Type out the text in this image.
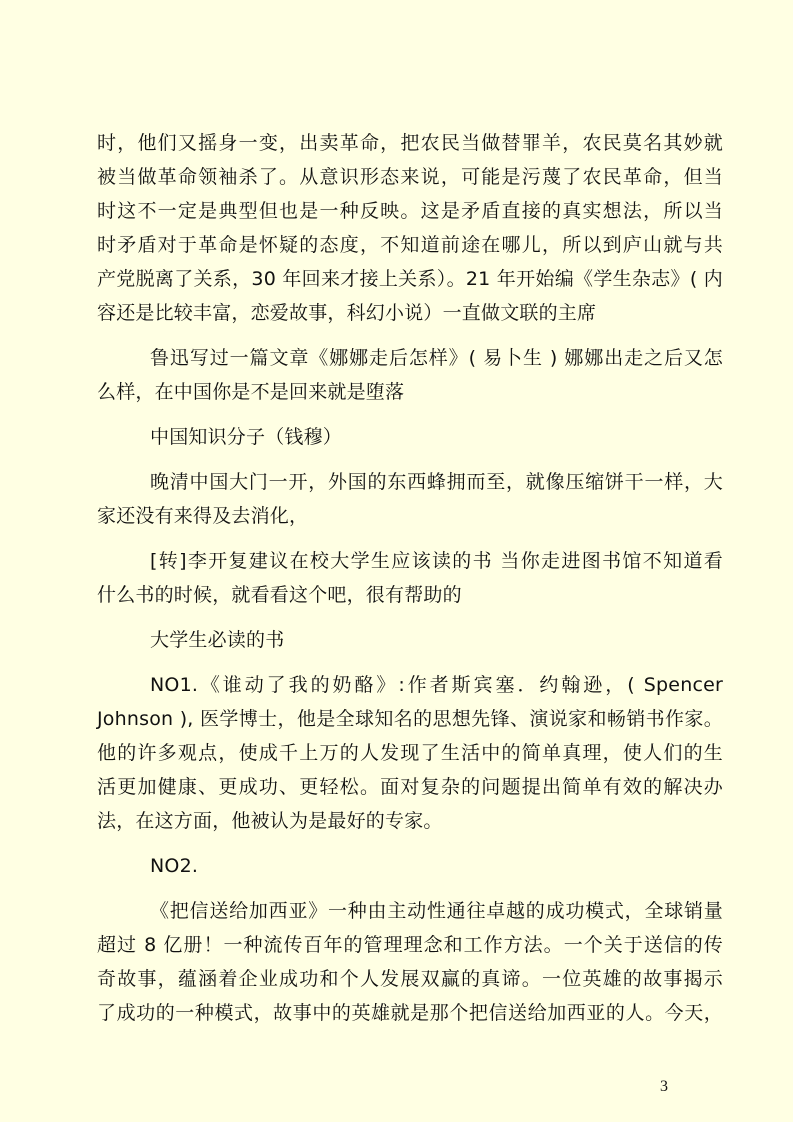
时，他们又摇身一变，出卖革命，把农民当做替罪羊，农民莫名其妙就
被当做革命领袖杀了。从意识形态来说，可能是污蔑了农民革命，但当
时这不一定是典型但也是一种反映。这是矛盾直接的真实想法，所以当
时矛盾对于革命是怀疑的态度，不知道前途在哪儿，所以到庐山就与共
产党脱离了关系，30 年回来才接上关系）。21 年开始编《学生杂志》( 内
容还是比较丰富，恋爱故事，科幻小说）一直做文联的主席
鲁迅写过一篇文章《娜娜走后怎样》( 易卜生 ) 娜娜出走之后又怎
么样，在中国你是不是回来就是堕落
中国知识分子（钱穆）
晚清中国大门一开，外国的东西蜂拥而至，就像压缩饼干一样，大
家还没有来得及去消化，
[转]李开复建议在校大学生应该读的书 当你走进图书馆不知道看
什么书的时候，就看看这个吧，很有帮助的
大学生必读的书
NO1.《谁动了我的奶酪》:作者斯宾塞．约翰逊，( Spencer
Johnson ), 医学博士，他是全球知名的思想先锋、演说家和畅销书作家。
他的许多观点，使成千上万的人发现了生活中的简单真理，使人们的生
活更加健康、更成功、更轻松。面对复杂的问题提出简单有效的解决办
法，在这方面，他被认为是最好的专家。
NO2.
《把信送给加西亚》一种由主动性通往卓越的成功模式，全球销量
超过 8 亿册！一种流传百年的管理理念和工作方法。一个关于送信的传
奇故事，蕴涵着企业成功和个人发展双赢的真谛。一位英雄的故事揭示
了成功的一种模式，故事中的英雄就是那个把信送给加西亚的人。今天，
3
